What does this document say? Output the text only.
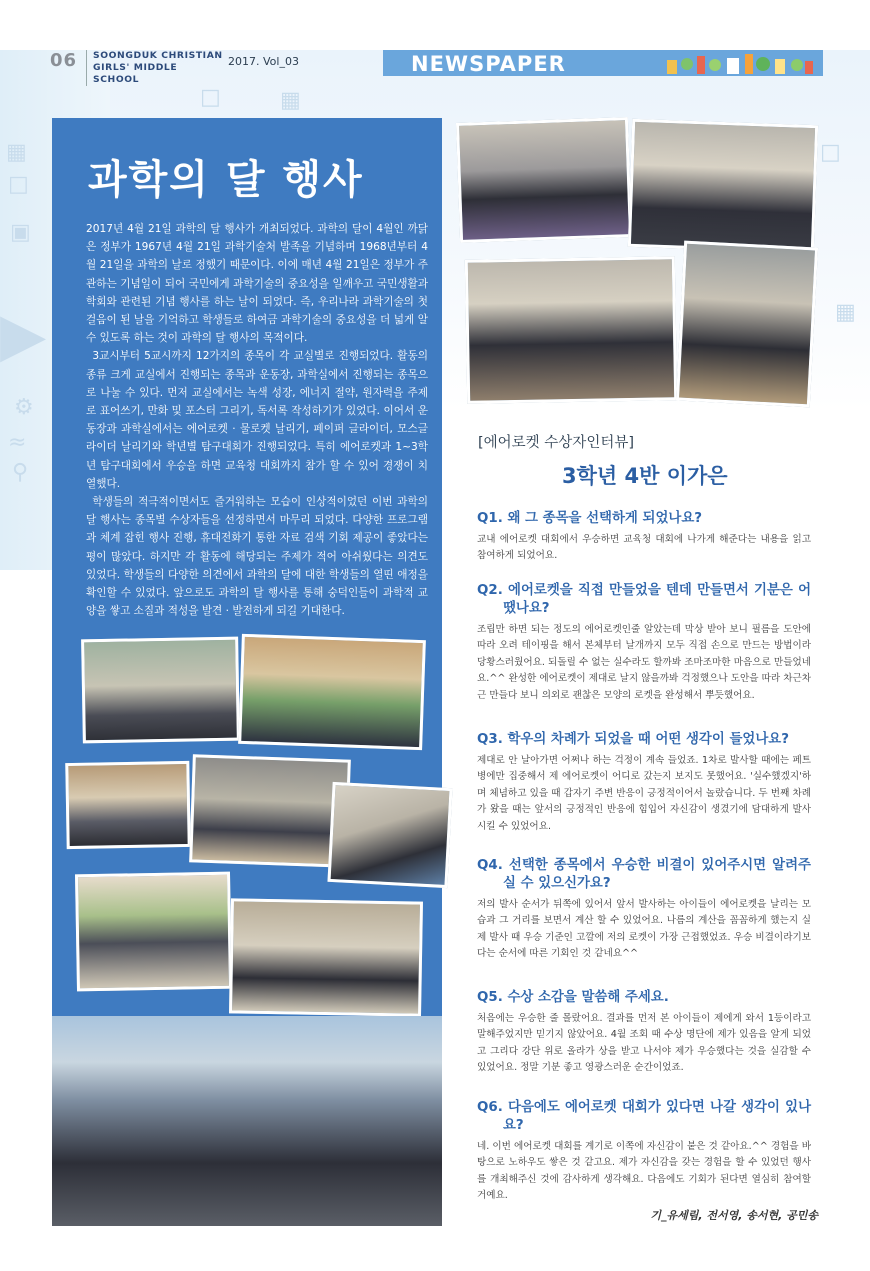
▦
□
▣
▶
⚙
≈
⚲
□	▦
□
▦
06 SOONGDUK CHRISTIAN
GIRLS' MIDDLE SCHOOL
2017. Vol_03	NEWSPAPER
과학의 달 행사

2017년 4월 21일 과학의 달 행사가 개최되었다. 과학의 달이 4월인 까닭은 정부가 1967년 4월 21일 과학기술처 발족을 기념하며 1968년부터 4월 21일을 과학의 날로 정했기 때문이다. 이에 매년 4월 21일은 정부가 주관하는 기념일이 되어 국민에게 과학기술의 중요성을 일깨우고 국민생활과 학회와 관련된 기념 행사를 하는 날이 되었다. 즉, 우리나라 과학기술의 첫 걸음이 된 날을 기억하고 학생들로 하여금 과학기술의 중요성을 더 넓게 알 수 있도록 하는 것이 과학의 달 행사의 목적이다.

3교시부터 5교시까지 12가지의 종목이 각 교실별로 진행되었다. 활동의 종류 크게 교실에서 진행되는 종목과 운동장, 과학실에서 진행되는 종목으로 나눌 수 있다. 먼저 교실에서는 녹색 성장, 에너지 절약, 원자력을 주제로 표어쓰기, 만화 및 포스터 그리기, 독서록 작성하기가 있었다. 이어서 운동장과 과학실에서는 에어로켓 · 물로켓 날리기, 페이퍼 글라이더, 모스글라이더 날리기와 학년별 탐구대회가 진행되었다. 특히 에어로켓과 1~3학년 탐구대회에서 우승을 하면 교육청 대회까지 참가 할 수 있어 경쟁이 치열했다.

학생들의 적극적이면서도 즐거워하는 모습이 인상적이었던 이번 과학의 달 행사는 종목별 수상자들을 선정하면서 마무리 되었다. 다양한 프로그램과 체계 잡힌 행사 진행, 휴대전화기 통한 자료 검색 기회 제공이 좋았다는 평이 많았다. 하지만 각 활동에 해당되는 주제가 적어 아쉬웠다는 의견도 있었다. 학생들의 다양한 의견에서 과학의 달에 대한 학생들의 열띤 애정을 확인할 수 있었다. 앞으로도 과학의 달 행사를 통해 숭덕인들이 과학적 교양을 쌓고 소질과 적성을 발견 · 발전하게 되길 기대한다.

[에어로켓 수상자인터뷰]
3학년 4반 이가은
Q1. 왜 그 종목을 선택하게 되었나요?
교내 에어로켓 대회에서 우승하면 교육청 대회에 나가게 해준다는 내용을 읽고 참여하게 되었어요.
Q2. 에어로켓을 직접 만들었을 텐데 만들면서 기분은 어땠나요?
조립만 하면 되는 정도의 에어로켓인줄 알았는데 막상 받아 보니 필름을 도안에 따라 오려 테이핑을 해서 본체부터 날개까지 모두 직접 손으로 만드는 방법이라 당황스러웠어요. 되돌릴 수 없는 실수라도 할까봐 조마조마한 마음으로 만들었네요.^^ 완성한 에어로켓이 제대로 날지 않을까봐 걱정했으나 도안을 따라 차근차근 만들다 보니 의외로 괜찮은 모양의 로켓을 완성해서 뿌듯했어요.
Q3. 학우의 차례가 되었을 때 어떤 생각이 들었나요?
제대로 안 날아가면 어쩌나 하는 걱정이 계속 들었죠. 1차로 발사할 때에는 페트병에만 집중해서 제 에어로켓이 어디로 갔는지 보지도 못했어요. '실수했겠지'하며 체념하고 있을 때 갑자기 주변 반응이 긍정적이어서 놀랐습니다. 두 번째 차례가 왔을 때는 앞서의 긍정적인 반응에 힘입어 자신감이 생겼기에 담대하게 발사시킬 수 있었어요.
Q4. 선택한 종목에서 우승한 비결이 있어주시면 알려주실 수 있으신가요?
저의 발사 순서가 뒤쪽에 있어서 앞서 발사하는 아이들이 에어로켓을 날리는 모습과 그 거리를 보면서 계산 할 수 있었어요. 나름의 계산을 꼼꼼하게 했는지 실제 발사 때 우승 기준인 고깔에 저의 로켓이 가장 근접했었죠. 우승 비결이라기보다는 순서에 따른 기회인 것 같네요^^
Q5. 수상 소감을 말씀해 주세요.
처음에는 우승한 줄 몰랐어요. 결과를 먼저 본 아이들이 제에게 와서 1등이라고 말해주었지만 믿기지 않았어요. 4월 조회 때 수상 명단에 제가 있음을 알게 되었고 그리다 강단 위로 올라가 상을 받고 나서야 제가 우승했다는 것을 실감할 수 있었어요. 정말 기분 좋고 영광스러운 순간이었죠.
Q6. 다음에도 에어로켓 대회가 있다면 나갈 생각이 있나요?
네. 이번 에어로켓 대회를 계기로 이쪽에 자신감이 붙은 것 같아요.^^ 경험을 바탕으로 노하우도 쌓은 것 같고요. 제가 자신감을 갖는 경험을 할 수 있었던 행사를 개최해주신 것에 감사하게 생각해요. 다음에도 기회가 된다면 열심히 참여할 거예요.
기_유세림, 전서영, 송서현, 공민송
